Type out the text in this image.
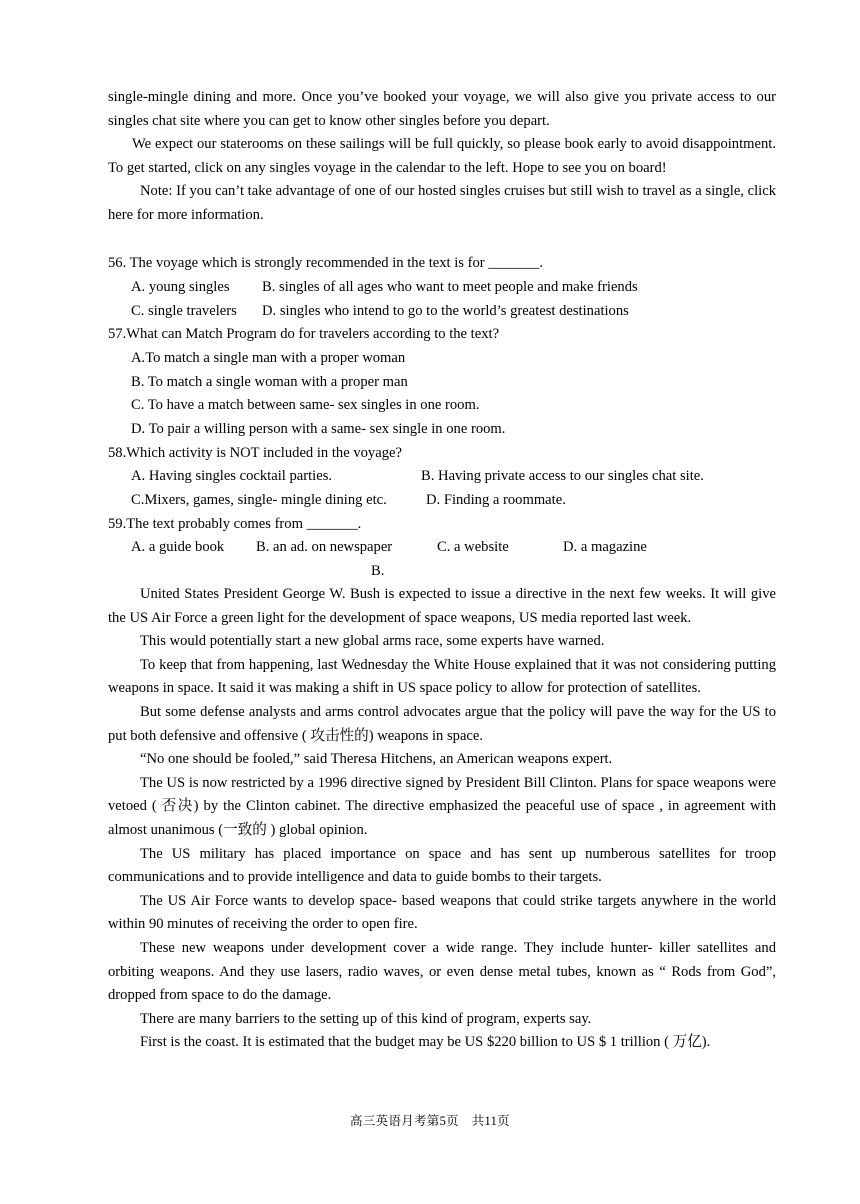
single-mingle dining and more. Once you’ve booked your voyage, we will also give you private access to our singles chat site where you can get to know other singles before you depart.

We expect our staterooms on these sailings will be full quickly, so please book early to avoid disappointment. To get started, click on any singles voyage in the calendar to the left. Hope to see you on board!

Note: If you can’t take advantage of one of our hosted singles cruises but still wish to travel as a single, click here for more information.

56. The voyage which is strongly recommended in the text is for _______.
A. young singles B. singles of all ages who want to meet people and make friends
C. single travelers D. singles who intend to go to the world’s greatest destinations
57.What can Match Program do for travelers according to the text?
A.To match a single man with a proper woman
B. To match a single woman with a proper man
C. To have a match between same- sex singles in one room.
D. To pair a willing person with a same- sex single in one room.
58.Which activity is NOT included in the voyage?
A. Having singles cocktail parties.	B. Having private access to our singles chat site.
C.Mixers, games, single- mingle dining etc.	D. Finding a roommate.
59.The text probably comes from _______.
A. a guide book B. an ad. on newspaper	C. a website	D. a magazine
B.

United States President George W. Bush is expected to issue a directive in the next few weeks. It will give the US Air Force a green light for the development of space weapons, US media reported last week.

This would potentially start a new global arms race, some experts have warned.

To keep that from happening, last Wednesday the White House explained that it was not considering putting weapons in space. It said it was making a shift in US space policy to allow for protection of satellites.

But some defense analysts and arms control advocates argue that the policy will pave the way for the US to put both defensive and offensive ( 攻击性的) weapons in space.

“No one should be fooled,” said Theresa Hitchens, an American weapons expert.

The US is now restricted by a 1996 directive signed by President Bill Clinton. Plans for space weapons were vetoed ( 否决) by the Clinton cabinet. The directive emphasized the peaceful use of space , in agreement with almost unanimous (一致的 ) global opinion.

The US military has placed importance on space and has sent up numberous satellites for troop communications and to provide intelligence and data to guide bombs to their targets.

The US Air Force wants to develop space- based weapons that could strike targets anywhere in the world within 90 minutes of receiving the order to open fire.

These new weapons under development cover a wide range. They include hunter- killer satellites and orbiting weapons. And they use lasers, radio waves, or even dense metal tubes, known as “ Rods from God”, dropped from space to do the damage.

There are many barriers to the setting up of this kind of program, experts say.

First is the coast. It is estimated that the budget may be US $220 billion to US $ 1 trillion ( 万亿).

高三英语月考第5页　共11页
